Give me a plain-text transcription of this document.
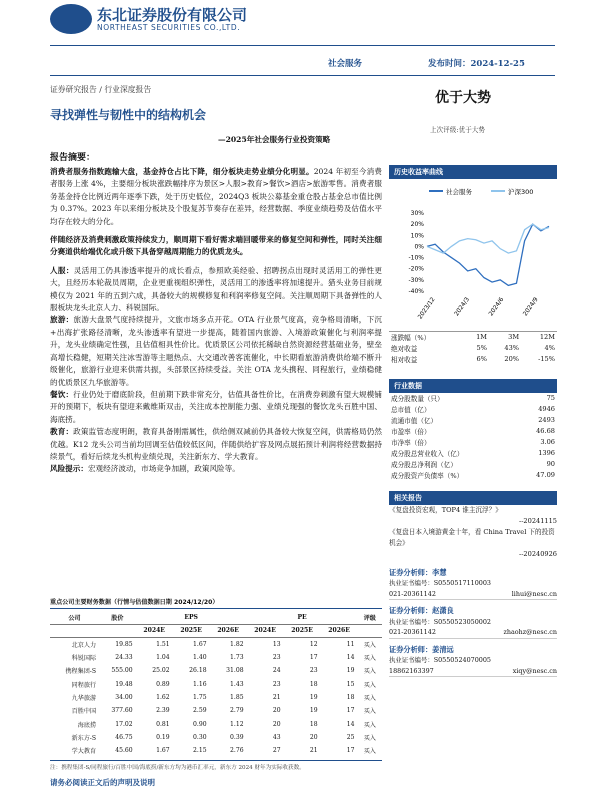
东北证券股份有限公司
NORTHEAST SECURITIES CO.,LTD.
社会服务	发布时间：2024-12-25
证券研究报告 / 行业深度报告
寻找弹性与韧性中的结构机会
—2025年社会服务行业投资策略
优于大势
上次评级:优于大势
报告摘要：
消费者服务指数跑输大盘，基金持仓占比下降，细分板块走势业绩分化明显。2024 年初至今消费者服务上涨 4%，主要细分板块涨跌幅排序为景区>人服>教育>餐饮>酒店>旅游零售。消费者服务基金持仓比例近两年逐季下跌，处于历史低位，2024Q3 板块公募基金重仓股占基金总市值比例为 0.37%。2023 年以来细分板块及个股复苏节奏存在差异，经营数据、季度业绩趋势及估值水平均存在较大的分化。
伴随经济及消费刺激政策持续发力，顺周期下看好需求端回暖带来的修复空间和弹性，同时关注细分赛道供给端优化或升级下具备穿越周期能力的优质龙头。
人服：灵活用工仍具渗透率提升的成长看点，参照欧美经验、招聘拐点出现时灵活用工的弹性更大，且经历本轮裁员周期，企业更重视组织弹性，灵活用工的渗透率将加速提升。猎头业务目前规模仅为 2021 年的五到六成，具备较大的规模修复和利润率修复空间。关注顺周期下具备弹性的人服板块龙头北京人力、科锐国际。
旅游：旅游大盘景气度持续提升，文旅市场多点开花。OTA 行业景气度高，竞争格局清晰，下沉+出海扩张路径清晰，龙头渗透率有望进一步提高，随着国内旅游、入境游政策催化与利润率提升，龙头业绩确定性强，且估值相具性价比。优质景区公司依托稀缺自然资源经营基础业务，壁垒高增长稳健，短期关注冰雪游等主题热点、大交通改善客流催化，中长期看旅游消费供给端不断升级催化，旅游行业迎来供需共振，头部景区持续受益。关注 OTA 龙头携程、同程旅行，业绩稳健的优质景区九华旅游等。
餐饮：行业仍处于磨底阶段，但前期下跌非常充分，估值具备性价比，在消费券刺激有望大规模铺开的预期下，板块有望迎来戴维斯双击，关注成本控制能力强、业绩兑现强的餐饮龙头百胜中国、海底捞。
教育：政策监管态度明朗，教育具备刚需属性，供给侧双减前仍具备较大恢复空间，供需格局仍然优越。K12 龙头公司当前均回调至估值较低区间，伴随供给扩容及网点展拓预计利润将经营数据持续景气，看好后续龙头机构业绩兑现，关注新东方、学大教育。
风险提示：宏观经济波动，市场竞争加剧，政策风险等。
重点公司主要财务数据（行情与估值数据日期 2024/12/20）
公司	股价	EPS			PE			评级
		2024E	2025E	2026E	2024E	2025E	2026E	
北京人力	19.85	1.51	1.67	1.82	13	12	11	买入
科锐国际	24.33	1.04	1.40	1.73	23	17	14	买入
携程集团-S	555.00	25.02	26.18	31.08	24	23	19	买入
同程旅行	19.48	0.89	1.16	1.43	23	18	15	买入
九华旅游	34.00	1.62	1.75	1.85	21	19	18	买入
百胜中国	377.60	2.39	2.59	2.79	20	19	17	买入
海底捞	17.02	0.81	0.90	1.12	20	18	14	买入
新东方-S	46.75	0.19	0.30	0.39	43	20	25	买入
学大教育	45.60	1.67	2.15	2.76	27	21	17	买入
注：携程集团-S/同程旅行/百胜中国/海底捞/新东方均为港币汇率元，新东方 2024 财年为实际收获数。
历史收益率曲线
社会服务	沪深300
30%
20%
10%
0%
-10%
-20%
-30%
-40%
2023/12	2024/3	2024/6	2024/9
涨跌幅（%）	1M	3M	12M
绝对收益	5%	43%	4%
相对收益	6%	20%	-15%
行业数据
成分股数量（只）	75
总市值（亿）	4946
流通市值（亿）	2493
市盈率（倍）	46.68
市净率（倍）	3.06
成分股总营业收入（亿）	1396
成分股总净利润（亿）	90
成分股资产负债率（%）	47.09
相关报告
《复盘投资宏观，TOP4 谁主沉浮？》
--20241115
《复盘日本入境游黄金十年，看 China Travel 下的投资机会》
--20240926
证券分析师：李慧
执业证书编号：S0550517110003
021-20361142	lihui@nesc.cn
证券分析师：赵潇良
执业证书编号：S0550523050002
021-20361142	zhaohz@nesc.cn
证券分析师：姜清远
执业证书编号：S0550524070005
18862163397	xiqy@nesc.cn
请务必阅读正文后的声明及说明
